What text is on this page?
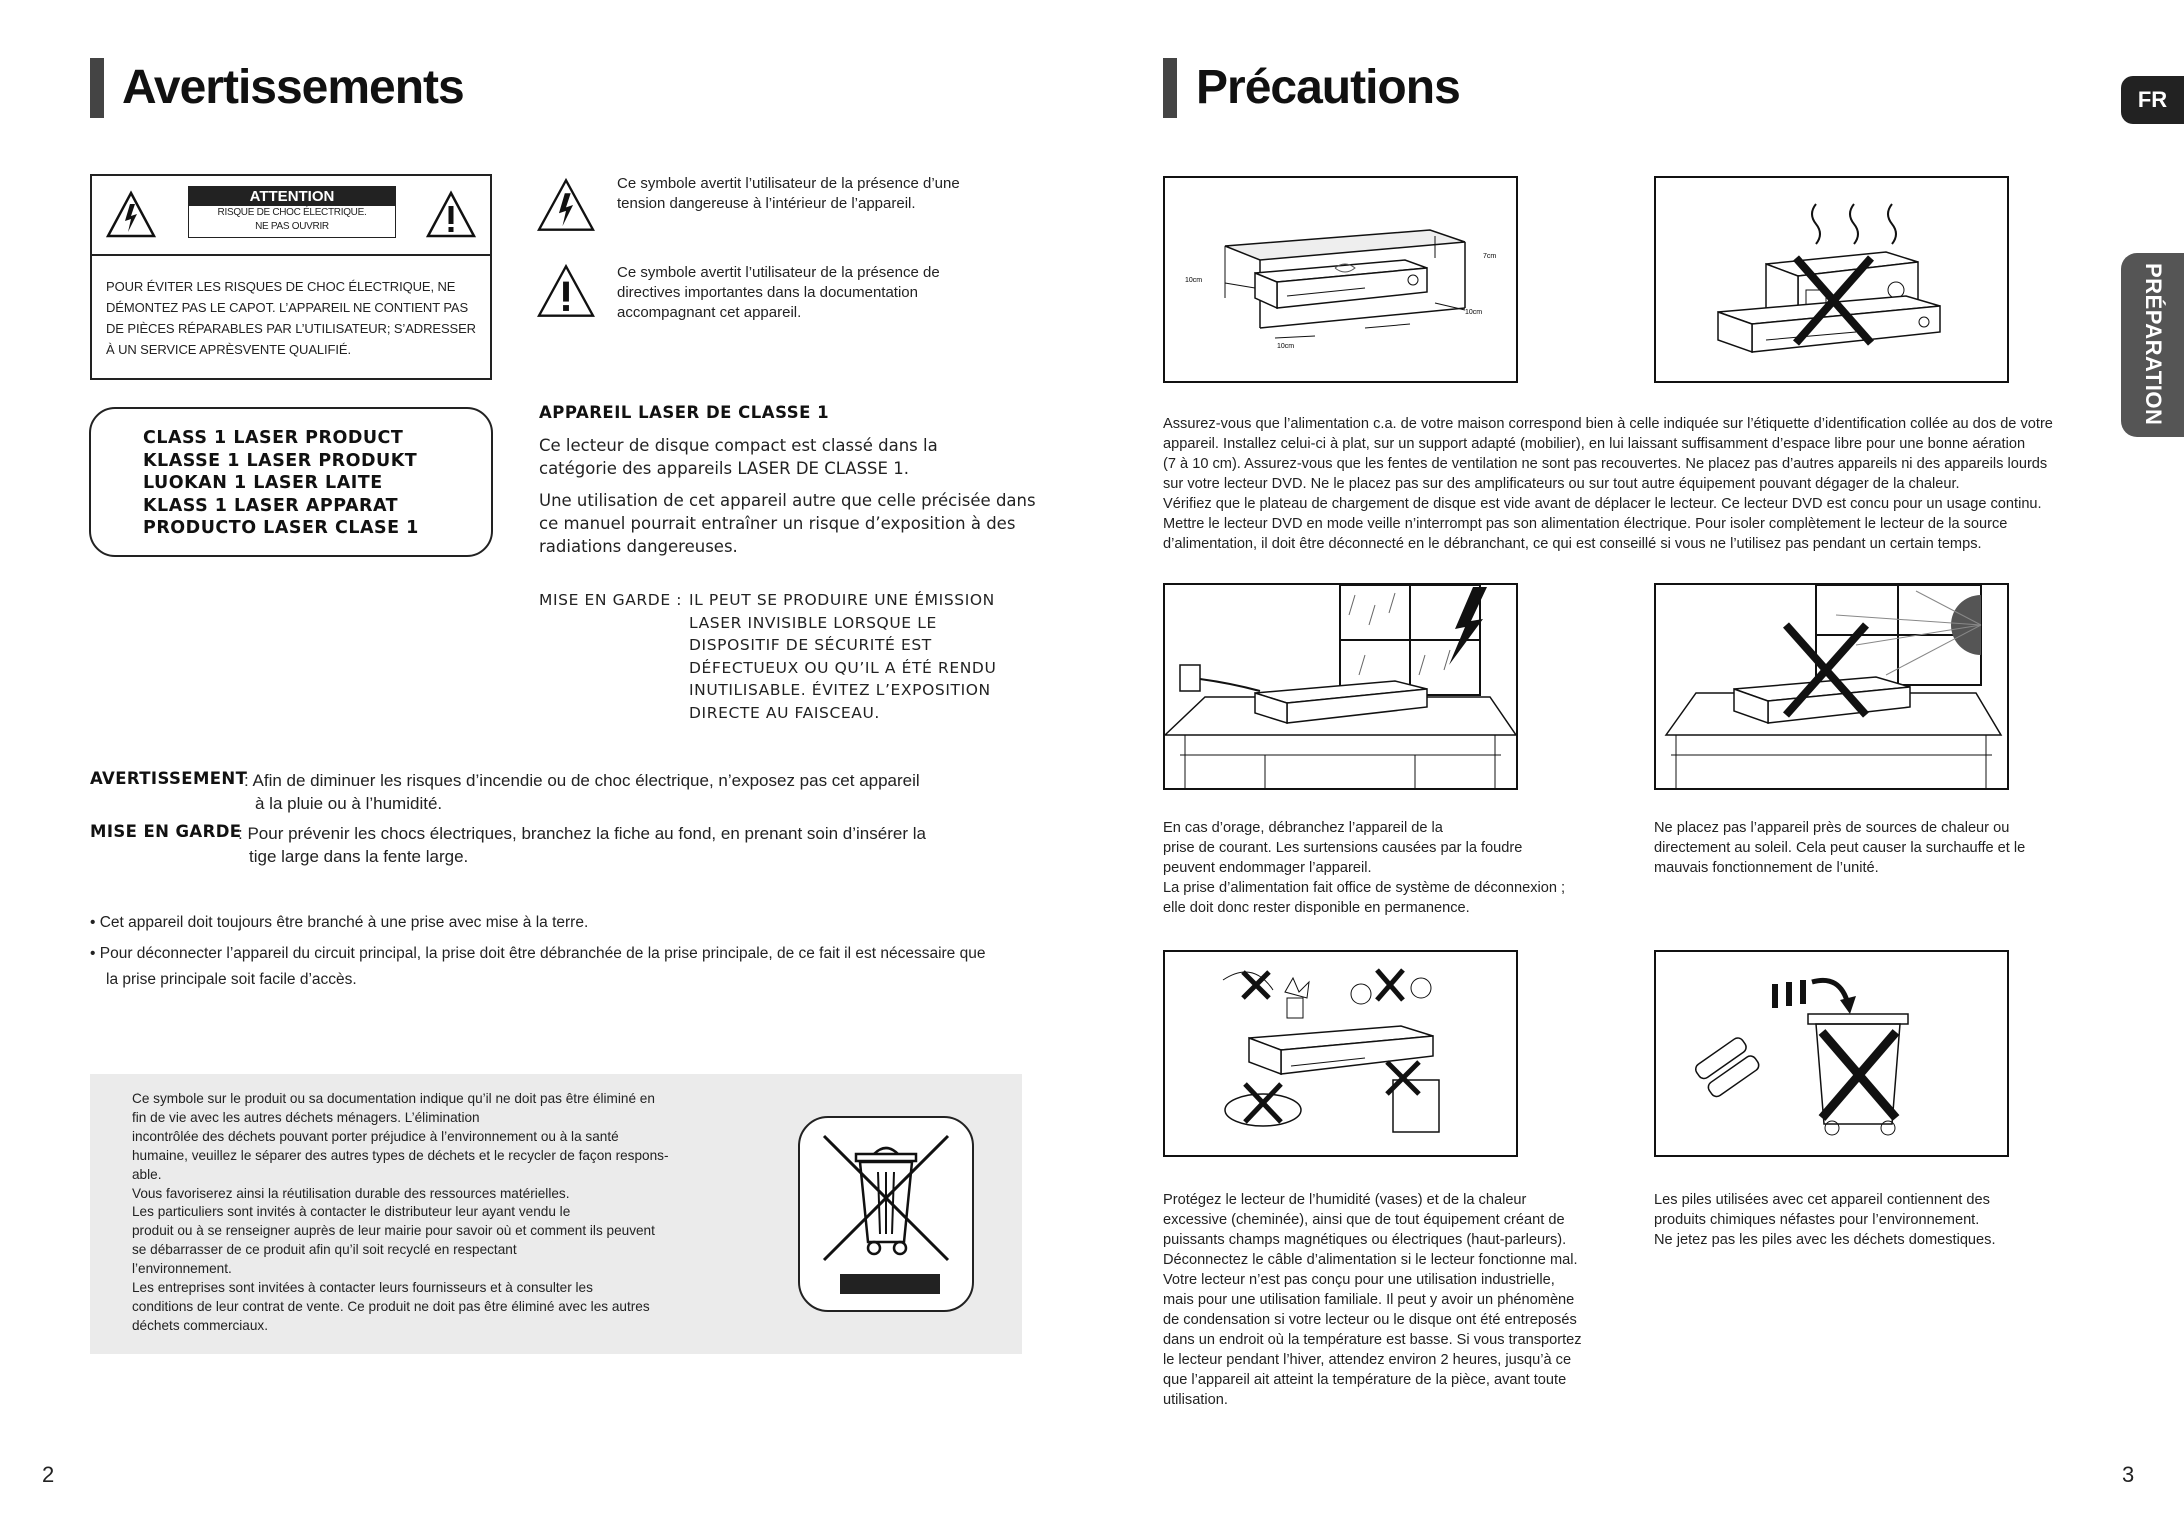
Avertissements
ATTENTION
RISQUE DE CHOC ÉLECTRIQUE.
NE PAS OUVRIR
POUR ÉVITER LES RISQUES DE CHOC ÉLECTRIQUE, NE
DÉMONTEZ PAS LE CAPOT. L’APPAREIL NE CONTIENT PAS
DE PIÈCES RÉPARABLES PAR L’UTILISATEUR; S’ADRESSER
À UN SERVICE APRÈSVENTE QUALIFIÉ.
Ce symbole avertit l’utilisateur de la présence d’une
tension dangereuse à l’intérieur de l’appareil.
Ce symbole avertit l’utilisateur de la présence de
directives importantes dans la documentation
accompagnant cet appareil.
CLASS 1 LASER PRODUCT
KLASSE 1 LASER PRODUKT
LUOKAN 1 LASER LAITE
KLASS 1 LASER APPARAT
PRODUCTO LASER CLASE 1
APPAREIL LASER DE CLASSE 1
Ce lecteur de disque compact est classé dans la
catégorie des appareils LASER DE CLASSE 1.
Une utilisation de cet appareil autre que celle précisée dans
ce manuel pourrait entraîner un risque d’exposition à des
radiations dangereuses.
MISE EN GARDE : IL PEUT SE PRODUIRE UNE ÉMISSION
LASER INVISIBLE LORSQUE LE
DISPOSITIF DE SÉCURITÉ EST
DÉFECTUEUX OU QU’IL A ÉTÉ RENDU
INUTILISABLE. ÉVITEZ L’EXPOSITION
DIRECTE AU FAISCEAU.
AVERTISSEMENT
: Afin de diminuer les risques d’incendie ou de choc électrique, n’exposez pas cet appareil
à la pluie ou à l’humidité.
MISE EN GARDE
: Pour prévenir les chocs électriques, branchez la fiche au fond, en prenant soin d’insérer la
tige large dans la fente large.
• Cet appareil doit toujours être branché à une prise avec mise à la terre.
• Pour déconnecter l’appareil du circuit principal, la prise doit être débranchée de la prise principale, de ce fait il est nécessaire que
la prise principale soit facile d’accès.
Ce symbole sur le produit ou sa documentation indique qu’il ne doit pas être éliminé en
fin de vie avec les autres déchets ménagers. L’élimination
incontrôlée des déchets pouvant porter préjudice à l’environnement ou à la santé
humaine, veuillez le séparer des autres types de déchets et le recycler de façon respons-
able.
Vous favoriserez ainsi la réutilisation durable des ressources matérielles.
Les particuliers sont invités à contacter le distributeur leur ayant vendu le
produit ou à se renseigner auprès de leur mairie pour savoir où et comment ils peuvent
se débarrasser de ce produit afin qu’il soit recyclé en respectant
l’environnement.
Les entreprises sont invitées à contacter leurs fournisseurs et à consulter les
conditions de leur contrat de vente. Ce produit ne doit pas être éliminé avec les autres
déchets commerciaux.
2
Précautions	FR
PRÉPARATION
10cm
7cm
10cm
10cm
Assurez-vous que l’alimentation c.a. de votre maison correspond bien à celle indiquée sur l’étiquette d’identification collée au dos de votre
appareil. Installez celui-ci à plat, sur un support adapté (mobilier), en lui laissant suffisamment d’espace libre pour une bonne aération
(7 à 10 cm). Assurez-vous que les fentes de ventilation ne sont pas recouvertes. Ne placez pas d’autres appareils ni des appareils lourds
sur votre lecteur DVD. Ne le placez pas sur des amplificateurs ou sur tout autre équipement pouvant dégager de la chaleur.
Vérifiez que le plateau de chargement de disque est vide avant de déplacer le lecteur. Ce lecteur DVD est concu pour un usage continu.
Mettre le lecteur DVD en mode veille n’interrompt pas son alimentation électrique. Pour isoler complètement le lecteur de la source
d’alimentation, il doit être déconnecté en le débranchant, ce qui est conseillé si vous ne l’utilisez pas pendant un certain temps.
En cas d’orage, débranchez l’appareil de la
prise de courant. Les surtensions causées par la foudre
peuvent endommager l’appareil.
La prise d’alimentation fait office de système de déconnexion ;
elle doit donc rester disponible en permanence.
Ne placez pas l’appareil près de sources de chaleur ou
directement au soleil. Cela peut causer la surchauffe et le
mauvais fonctionnement de l’unité.
Protégez le lecteur de l’humidité (vases) et de la chaleur
excessive (cheminée), ainsi que de tout équipement créant de
puissants champs magnétiques ou électriques (haut-parleurs).
Déconnectez le câble d’alimentation si le lecteur fonctionne mal.
Votre lecteur n’est pas conçu pour une utilisation industrielle,
mais pour une utilisation familiale. Il peut y avoir un phénomène
de condensation si votre lecteur ou le disque ont été entreposés
dans un endroit où la température est basse. Si vous transportez
le lecteur pendant l’hiver, attendez environ 2 heures, jusqu’à ce
que l’appareil ait atteint la température de la pièce, avant toute
utilisation.
Les piles utilisées avec cet appareil contiennent des
produits chimiques néfastes pour l’environnement.
Ne jetez pas les piles avec les déchets domestiques.
3
